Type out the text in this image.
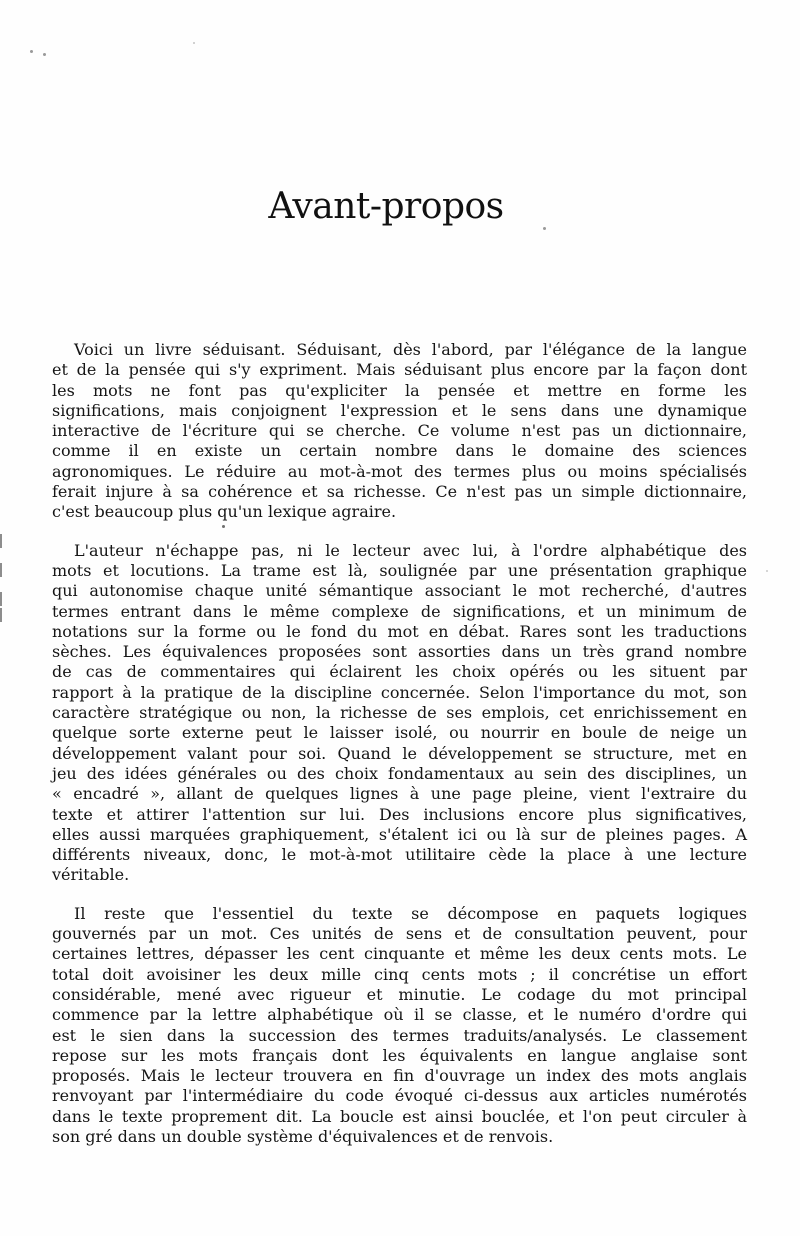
Avant-propos

Voici un livre séduisant. Séduisant, dès l'abord, par l'élégance de la langue
et de la pensée qui s'y expriment. Mais séduisant plus encore par la façon dont
les mots ne font pas qu'expliciter la pensée et mettre en forme les
significations, mais conjoignent l'expression et le sens dans une dynamique
interactive de l'écriture qui se cherche. Ce volume n'est pas un dictionnaire,
comme il en existe un certain nombre dans le domaine des sciences
agronomiques. Le réduire au mot-à-mot des termes plus ou moins spécialisés
ferait injure à sa cohérence et sa richesse. Ce n'est pas un simple dictionnaire,
c'est beaucoup plus qu'un lexique agraire.

L'auteur n'échappe pas, ni le lecteur avec lui, à l'ordre alphabétique des
mots et locutions. La trame est là, soulignée par une présentation graphique
qui autonomise chaque unité sémantique associant le mot recherché, d'autres
termes entrant dans le même complexe de significations, et un minimum de
notations sur la forme ou le fond du mot en débat. Rares sont les traductions
sèches. Les équivalences proposées sont assorties dans un très grand nombre
de cas de commentaires qui éclairent les choix opérés ou les situent par
rapport à la pratique de la discipline concernée. Selon l'importance du mot, son
caractère stratégique ou non, la richesse de ses emplois, cet enrichissement en
quelque sorte externe peut le laisser isolé, ou nourrir en boule de neige un
développement valant pour soi. Quand le développement se structure, met en
jeu des idées générales ou des choix fondamentaux au sein des disciplines, un
« encadré », allant de quelques lignes à une page pleine, vient l'extraire du
texte et attirer l'attention sur lui. Des inclusions encore plus significatives,
elles aussi marquées graphiquement, s'étalent ici ou là sur de pleines pages. A
différents niveaux, donc, le mot-à-mot utilitaire cède la place à une lecture
véritable.

Il reste que l'essentiel du texte se décompose en paquets logiques
gouvernés par un mot. Ces unités de sens et de consultation peuvent, pour
certaines lettres, dépasser les cent cinquante et même les deux cents mots. Le
total doit avoisiner les deux mille cinq cents mots ; il concrétise un effort
considérable, mené avec rigueur et minutie. Le codage du mot principal
commence par la lettre alphabétique où il se classe, et le numéro d'ordre qui
est le sien dans la succession des termes traduits/analysés. Le classement
repose sur les mots français dont les équivalents en langue anglaise sont
proposés. Mais le lecteur trouvera en fin d'ouvrage un index des mots anglais
renvoyant par l'intermédiaire du code évoqué ci-dessus aux articles numérotés
dans le texte proprement dit. La boucle est ainsi bouclée, et l'on peut circuler à
son gré dans un double système d'équivalences et de renvois.
